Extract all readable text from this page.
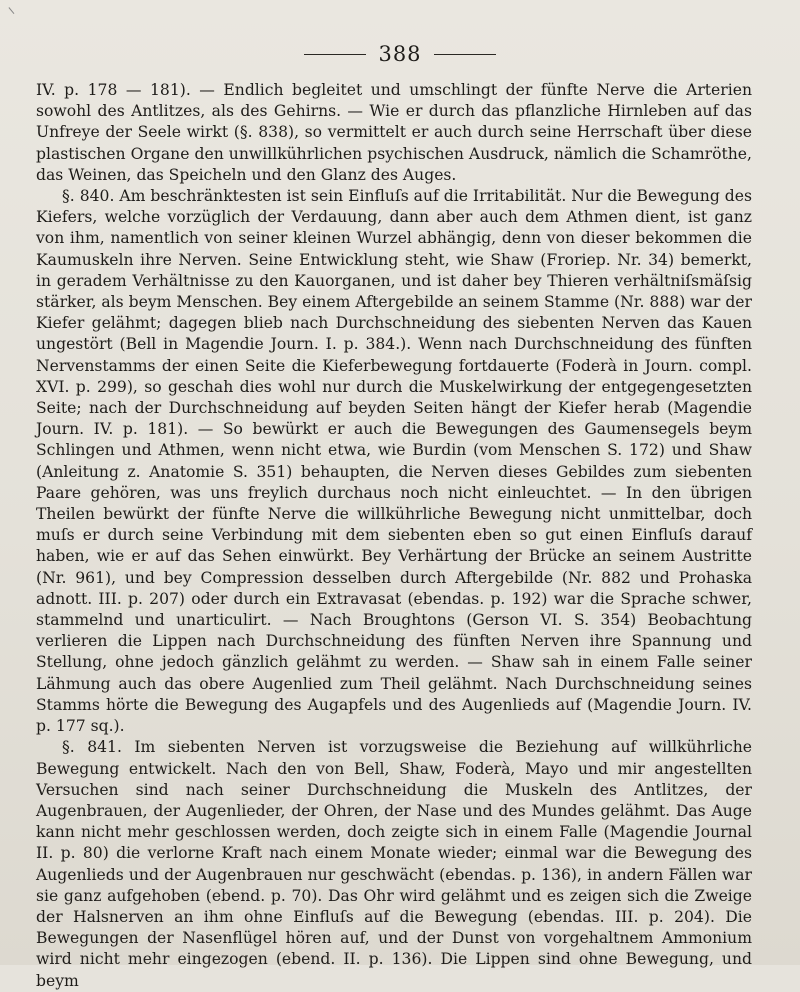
388

IV. p. 178 — 181). — Endlich begleitet und umschlingt der fünfte Nerve die Arterien sowohl des Antlitzes, als des Gehirns. — Wie er durch das pflanzliche Hirnleben auf das Unfreye der Seele wirkt (§. 838), so vermittelt er auch durch seine Herrschaft über diese plastischen Organe den unwillkührlichen psychischen Ausdruck, nämlich die Schamröthe, das Weinen, das Speicheln und den Glanz des Auges.

§. 840. Am beschränktesten ist sein Einfluſs auf die Irritabilität. Nur die Bewegung des Kiefers, welche vorzüglich der Verdauung, dann aber auch dem Athmen dient, ist ganz von ihm, namentlich von seiner kleinen Wurzel abhängig, denn von dieser bekommen die Kaumuskeln ihre Nerven. Seine Entwicklung steht, wie Shaw (Froriep. Nr. 34) bemerkt, in geradem Verhältnisse zu den Kauorganen, und ist daher bey Thieren verhältniſsmäſsig stärker, als beym Menschen. Bey einem Aftergebilde an seinem Stamme (Nr. 888) war der Kiefer gelähmt; dagegen blieb nach Durchschneidung des siebenten Nerven das Kauen ungestört (Bell in Magendie Journ. I. p. 384.). Wenn nach Durchschneidung des fünften Nervenstamms der einen Seite die Kieferbewegung fortdauerte (Foderà in Journ. compl. XVI. p. 299), so geschah dies wohl nur durch die Muskelwirkung der entgegengesetzten Seite; nach der Durchschneidung auf beyden Seiten hängt der Kiefer herab (Magendie Journ. IV. p. 181). — So bewürkt er auch die Bewegungen des Gaumensegels beym Schlingen und Athmen, wenn nicht etwa, wie Burdin (vom Menschen S. 172) und Shaw (Anleitung z. Anatomie S. 351) behaupten, die Nerven dieses Gebildes zum siebenten Paare gehören, was uns freylich durchaus noch nicht einleuchtet. — In den übrigen Theilen bewürkt der fünfte Nerve die willkührliche Bewegung nicht unmittelbar, doch muſs er durch seine Verbindung mit dem siebenten eben so gut einen Einfluſs darauf haben, wie er auf das Sehen einwürkt. Bey Verhärtung der Brücke an seinem Austritte (Nr. 961), und bey Compression desselben durch Aftergebilde (Nr. 882 und Prohaska adnott. III. p. 207) oder durch ein Extravasat (ebendas. p. 192) war die Sprache schwer, stammelnd und unarticulirt. — Nach Broughtons (Gerson VI. S. 354) Beobachtung verlieren die Lippen nach Durchschneidung des fünften Nerven ihre Spannung und Stellung, ohne jedoch gänzlich gelähmt zu werden. — Shaw sah in einem Falle seiner Lähmung auch das obere Augenlied zum Theil gelähmt. Nach Durchschneidung seines Stamms hörte die Bewegung des Augapfels und des Augenlieds auf (Magendie Journ. IV. p. 177 sq.).

§. 841. Im siebenten Nerven ist vorzugsweise die Beziehung auf willkührliche Bewegung entwickelt. Nach den von Bell, Shaw, Foderà, Mayo und mir angestellten Versuchen sind nach seiner Durchschneidung die Muskeln des Antlitzes, der Augenbrauen, der Augenlieder, der Ohren, der Nase und des Mundes gelähmt. Das Auge kann nicht mehr geschlossen werden, doch zeigte sich in einem Falle (Magendie Journal II. p. 80) die verlorne Kraft nach einem Monate wieder; einmal war die Bewegung des Augenlieds und der Augenbrauen nur geschwächt (ebendas. p. 136), in andern Fällen war sie ganz aufgehoben (ebend. p. 70). Das Ohr wird gelähmt und es zeigen sich die Zweige der Halsnerven an ihm ohne Einfluſs auf die Bewegung (ebendas. III. p. 204). Die Bewegungen der Nasenflügel hören auf, und der Dunst von vorgehaltnem Ammonium wird nicht mehr eingezogen (ebend. II. p. 136). Die Lippen sind ohne Bewegung, und beym
